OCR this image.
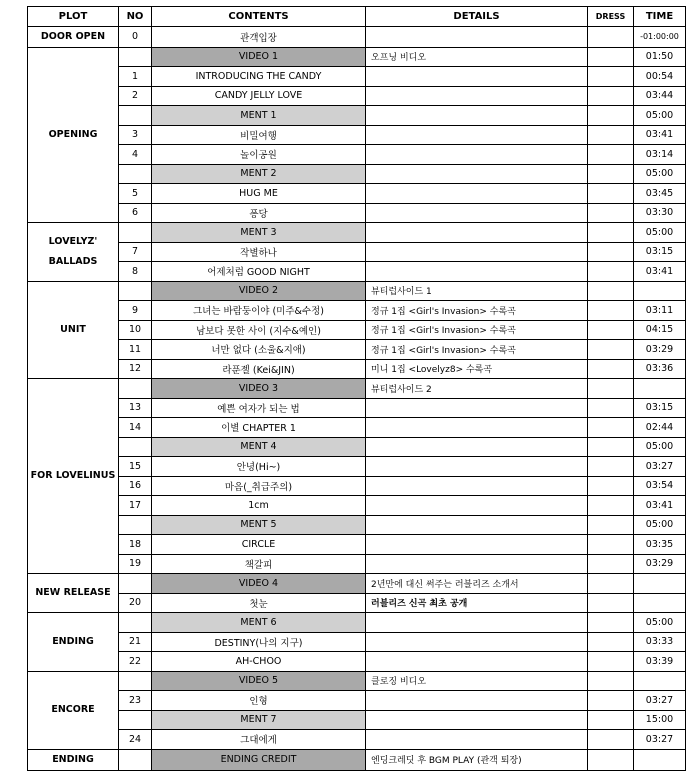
PLOT	NO	CONTENTS	DETAILS	DRESS	TIME
DOOR OPEN	0	관객입장			-01:00:00
OPENING		VIDEO 1	오프닝 비디오		01:50
	1	INTRODUCING THE CANDY			00:54
	2	CANDY JELLY LOVE			03:44
		MENT 1			05:00
	3	비밀여행			03:41
	4	놀이공원			03:14
		MENT 2			05:00
	5	HUG ME			03:45
	6	퐁당			03:30
LOVELYZ' BALLADS		MENT 3			05:00
	7	작별하나			03:15
	8	어제처럼 GOOD NIGHT			03:41
UNIT		VIDEO 2	뷰티럽사이드 1		
	9	그녀는 바람둥이야 (미주&수정)	정규 1집 <Girl's Invasion> 수록곡		03:11
	10	남보다 못한 사이 (지수&예인)	정규 1집 <Girl's Invasion> 수록곡		04:15
	11	너만 없다 (소울&지애)	정규 1집 <Girl's Invasion> 수록곡		03:29
	12	라푼젤 (Kei&JIN)	미니 1집 <Lovelyz8> 수록곡		03:36
FOR LOVELINUS		VIDEO 3	뷰티럽사이드 2		
	13	예쁜 여자가 되는 법			03:15
	14	이별 CHAPTER 1			02:44
		MENT 4			05:00
	15	안녕(Hi~)			03:27
	16	마음(_취급주의)			03:54
	17	1cm			03:41
		MENT 5			05:00
	18	CIRCLE			03:35
	19	책갈피			03:29
NEW RELEASE		VIDEO 4	2년만에 대신 써주는 러블리즈 소개서		
	20	첫눈	러블리즈 신곡 최초 공개		
ENDING		MENT 6			05:00
	21	DESTINY(나의 지구)			03:33
	22	AH-CHOO			03:39
ENCORE		VIDEO 5	클로징 비디오		
	23	인형			03:27
		MENT 7			15:00
	24	그대에게			03:27
ENDING		ENDING CREDIT	엔딩크레딧 후 BGM PLAY (관객 퇴장)		
